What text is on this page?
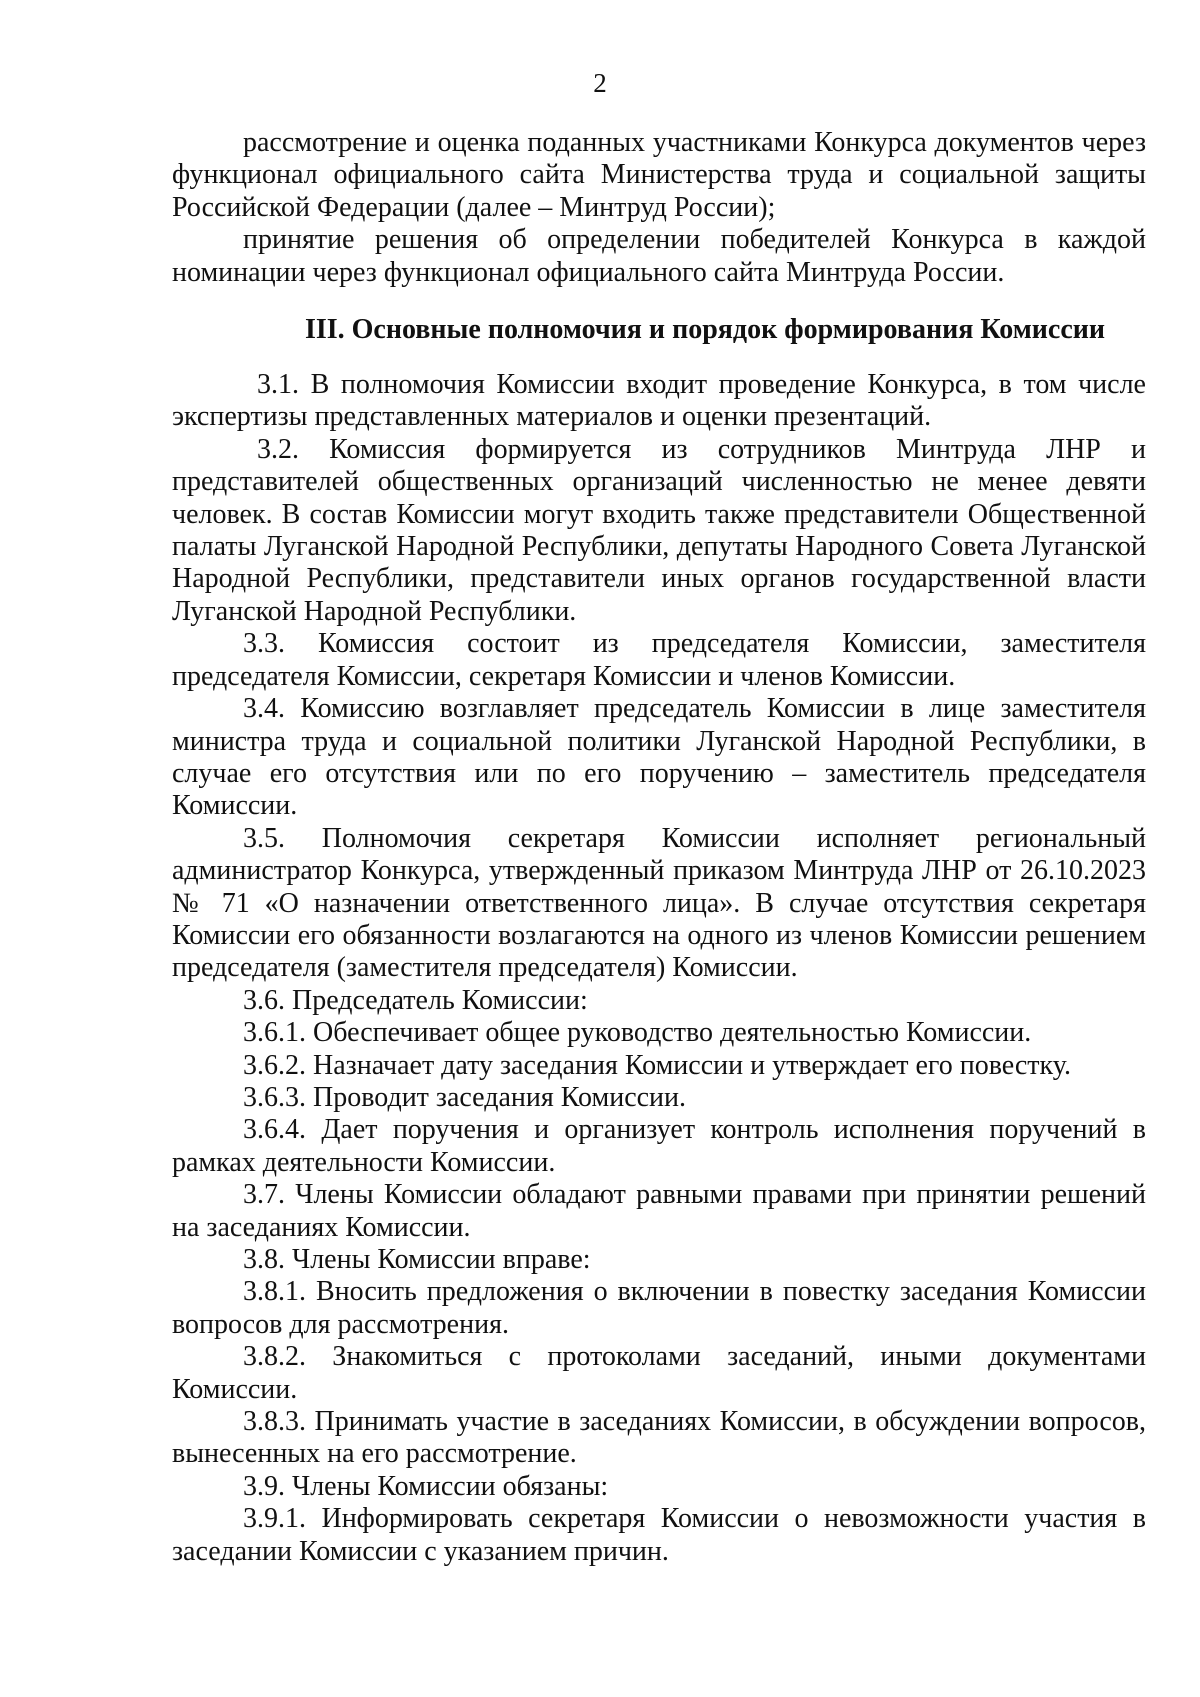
2

рассмотрение и оценка поданных участниками Конкурса документов через функционал официального сайта Министерства труда и социальной защиты Российской Федерации (далее – Минтруд России);

принятие решения об определении победителей Конкурса в каждой номинации через функционал официального сайта Минтруда России.

III. Основные полномочия и порядок формирования Комиссии

3.1. В полномочия Комиссии входит проведение Конкурса, в том числе экспертизы представленных материалов и оценки презентаций.

3.2. Комиссия формируется из сотрудников Минтруда ЛНР и представителей общественных организаций численностью не менее девяти человек. В состав Комиссии могут входить также представители Общественной палаты Луганской Народной Республики, депутаты Народного Совета Луганской Народной Республики, представители иных органов государственной власти Луганской Народной Республики.

3.3. Комиссия состоит из председателя Комиссии, заместителя председателя Комиссии, секретаря Комиссии и членов Комиссии.

3.4. Комиссию возглавляет председатель Комиссии в лице заместителя министра труда и социальной политики Луганской Народной Республики, в случае его отсутствия или по его поручению – заместитель председателя Комиссии.

3.5. Полномочия секретаря Комиссии исполняет региональный администратор Конкурса, утвержденный приказом Минтруда ЛНР от 26.10.2023 № 71 «О назначении ответственного лица». В случае отсутствия секретаря Комиссии его обязанности возлагаются на одного из членов Комиссии решением председателя (заместителя председателя) Комиссии.

3.6. Председатель Комиссии:

3.6.1. Обеспечивает общее руководство деятельностью Комиссии.

3.6.2. Назначает дату заседания Комиссии и утверждает его повестку.

3.6.3. Проводит заседания Комиссии.

3.6.4. Дает поручения и организует контроль исполнения поручений в рамках деятельности Комиссии.

3.7. Члены Комиссии обладают равными правами при принятии решений на заседаниях Комиссии.

3.8. Члены Комиссии вправе:

3.8.1. Вносить предложения о включении в повестку заседания Комиссии вопросов для рассмотрения.

3.8.2. Знакомиться с протоколами заседаний, иными документами Комиссии.

3.8.3. Принимать участие в заседаниях Комиссии, в обсуждении вопросов, вынесенных на его рассмотрение.

3.9. Члены Комиссии обязаны:

3.9.1. Информировать секретаря Комиссии о невозможности участия в заседании Комиссии с указанием причин.
